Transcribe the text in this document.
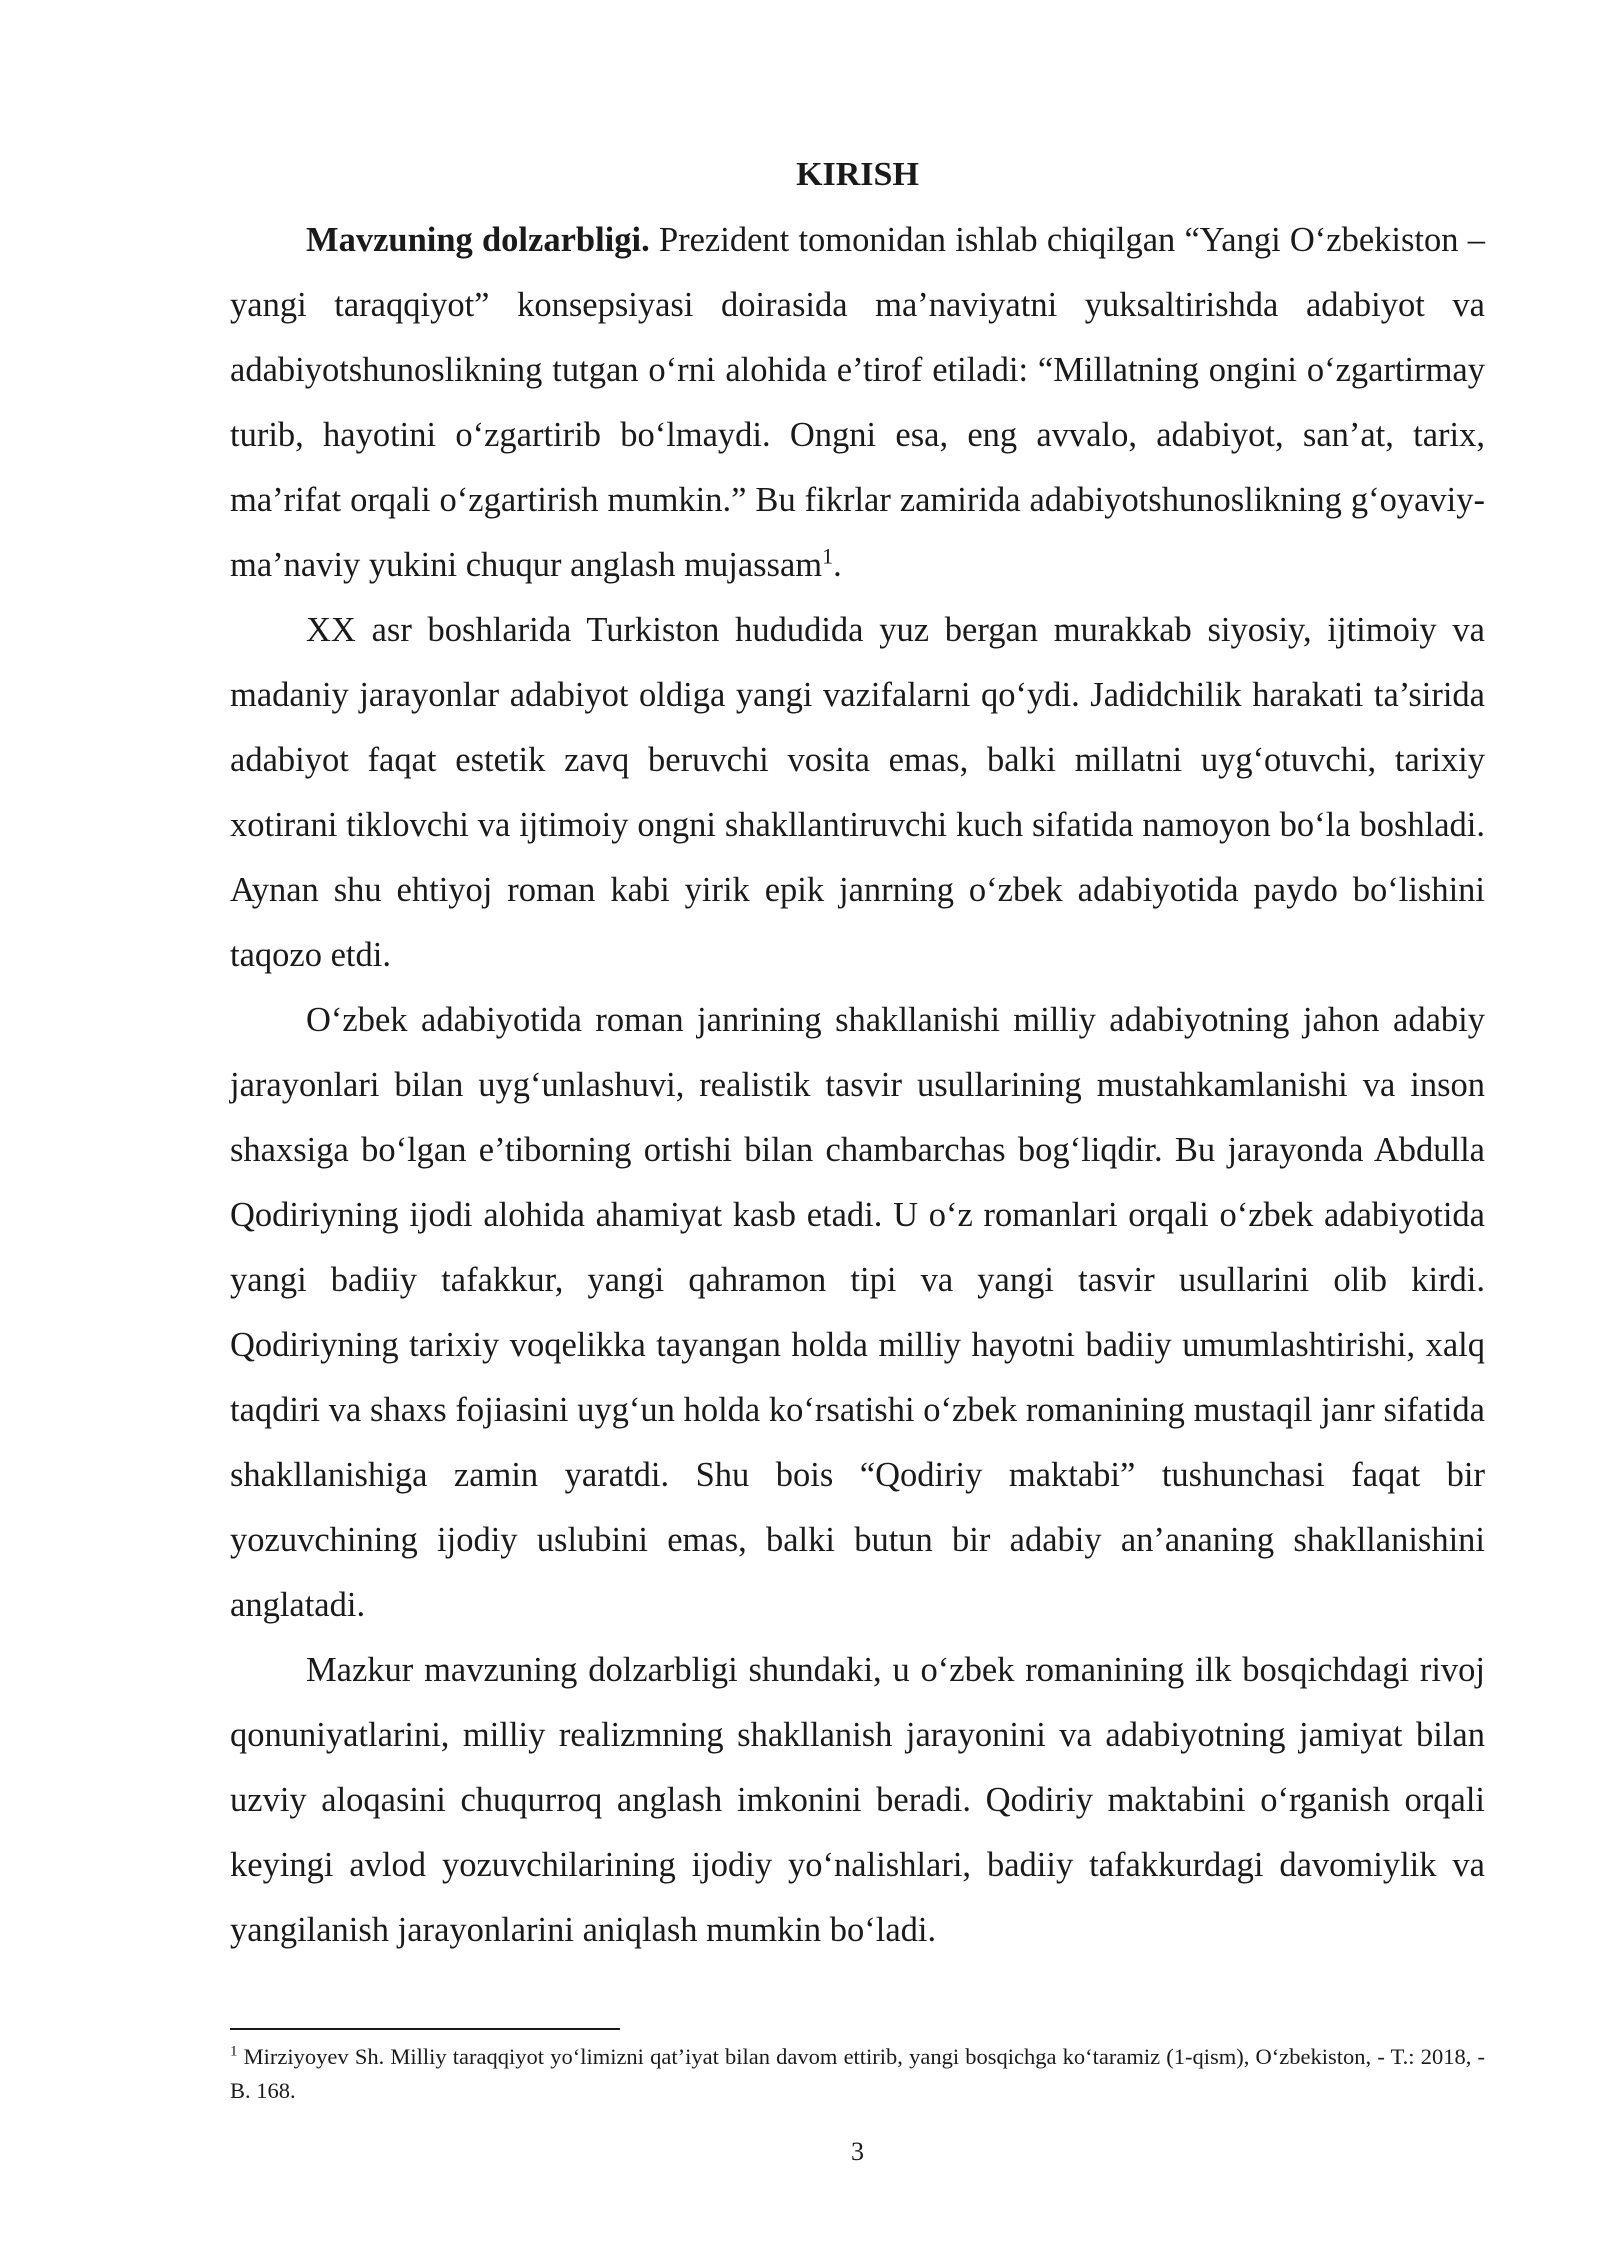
KIRISH

Mavzuning dolzarbligi. Prezident tomonidan ishlab chiqilgan “Yangi O‘zbekiston – yangi taraqqiyot” konsepsiyasi doirasida ma’naviyatni yuksaltirishda adabiyot va adabiyotshunoslikning tutgan o‘rni alohida e’tirof etiladi: “Millatning ongini o‘zgartirmay turib, hayotini o‘zgartirib bo‘lmaydi. Ongni esa, eng avvalo, adabiyot, san’at, tarix, ma’rifat orqali o‘zgartirish mumkin.” Bu fikrlar zamirida adabiyotshunoslikning g‘oyaviy-ma’naviy yukini chuqur anglash mujassam$^1$.

XX asr boshlarida Turkiston hududida yuz bergan murakkab siyosiy, ijtimoiy va madaniy jarayonlar adabiyot oldiga yangi vazifalarni qo‘ydi. Jadidchilik harakati ta’sirida adabiyot faqat estetik zavq beruvchi vosita emas, balki millatni uyg‘otuvchi, tarixiy xotirani tiklovchi va ijtimoiy ongni shakllantiruvchi kuch sifatida namoyon bo‘la boshladi. Aynan shu ehtiyoj roman kabi yirik epik janrning o‘zbek adabiyotida paydo bo‘lishini taqozo etdi.

O‘zbek adabiyotida roman janrining shakllanishi milliy adabiyotning jahon adabiy jarayonlari bilan uyg‘unlashuvi, realistik tasvir usullarining mustahkamlanishi va inson shaxsiga bo‘lgan e’tiborning ortishi bilan chambarchas bog‘liqdir. Bu jarayonda Abdulla Qodiriyning ijodi alohida ahamiyat kasb etadi. U o‘z romanlari orqali o‘zbek adabiyotida yangi badiiy tafakkur, yangi qahramon tipi va yangi tasvir usullarini olib kirdi. Qodiriyning tarixiy voqelikka tayangan holda milliy hayotni badiiy umumlashtirishi, xalq taqdiri va shaxs fojiasini uyg‘un holda ko‘rsatishi o‘zbek romanining mustaqil janr sifatida shakllanishiga zamin yaratdi. Shu bois “Qodiriy maktabi” tushunchasi faqat bir yozuvchining ijodiy uslubini emas, balki butun bir adabiy an’ananing shakllanishini anglatadi.

Mazkur mavzuning dolzarbligi shundaki, u o‘zbek romanining ilk bosqichdagi rivoj qonuniyatlarini, milliy realizmning shakllanish jarayonini va adabiyotning jamiyat bilan uzviy aloqasini chuqurroq anglash imkonini beradi. Qodiriy maktabini o‘rganish orqali keyingi avlod yozuvchilarining ijodiy yo‘nalishlari, badiiy tafakkurdagi davomiylik va yangilanish jarayonlarini aniqlash mumkin bo‘ladi.

$^1$ Mirziyoyev Sh. Milliy taraqqiyot yo‘limizni qat’iyat bilan davom ettirib, yangi bosqichga ko‘taramiz (1-qism), O‘zbekiston, - T.: 2018, - B. 168.

3
